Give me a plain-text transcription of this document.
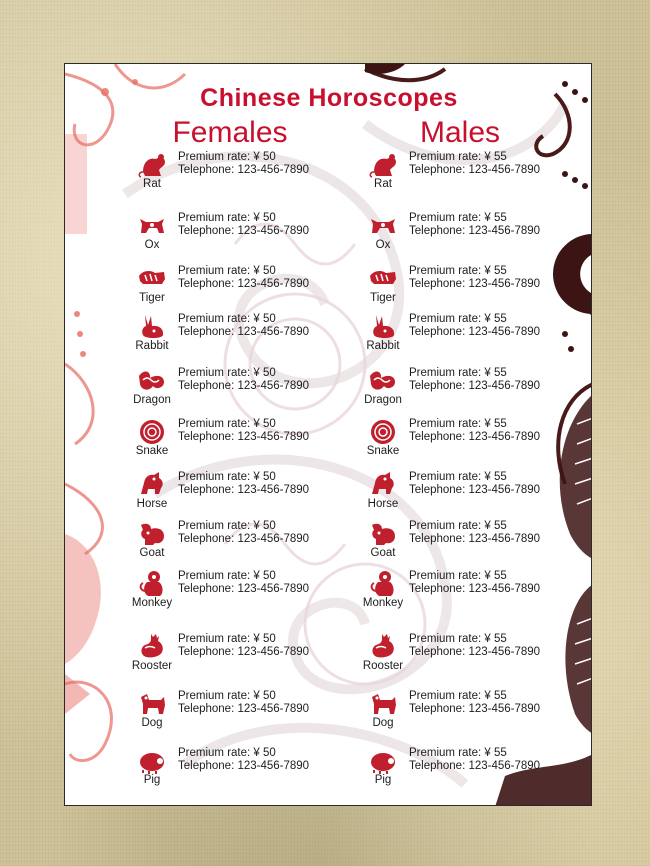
Chinese Horoscopes
Females	Males
Rat
Premium rate: ¥ 50
Telephone: 123-456-7890
Ox
Premium rate: ¥ 50
Telephone: 123-456-7890
Tiger
Premium rate: ¥ 50
Telephone: 123-456-7890
Rabbit
Premium rate: ¥ 50
Telephone: 123-456-7890
Dragon
Premium rate: ¥ 50
Telephone: 123-456-7890
Snake
Premium rate: ¥ 50
Telephone: 123-456-7890
Horse
Premium rate: ¥ 50
Telephone: 123-456-7890
Goat
Premium rate: ¥ 50
Telephone: 123-456-7890
Monkey
Premium rate: ¥ 50
Telephone: 123-456-7890
Rooster
Premium rate: ¥ 50
Telephone: 123-456-7890
Dog
Premium rate: ¥ 50
Telephone: 123-456-7890
Pig
Premium rate: ¥ 50
Telephone: 123-456-7890
Rat
Premium rate: ¥ 55
Telephone: 123-456-7890
Ox
Premium rate: ¥ 55
Telephone: 123-456-7890
Tiger
Premium rate: ¥ 55
Telephone: 123-456-7890
Rabbit
Premium rate: ¥ 55
Telephone: 123-456-7890
Dragon
Premium rate: ¥ 55
Telephone: 123-456-7890
Snake
Premium rate: ¥ 55
Telephone: 123-456-7890
Horse
Premium rate: ¥ 55
Telephone: 123-456-7890
Goat
Premium rate: ¥ 55
Telephone: 123-456-7890
Monkey
Premium rate: ¥ 55
Telephone: 123-456-7890
Rooster
Premium rate: ¥ 55
Telephone: 123-456-7890
Dog
Premium rate: ¥ 55
Telephone: 123-456-7890
Pig
Premium rate: ¥ 55
Telephone: 123-456-7890
